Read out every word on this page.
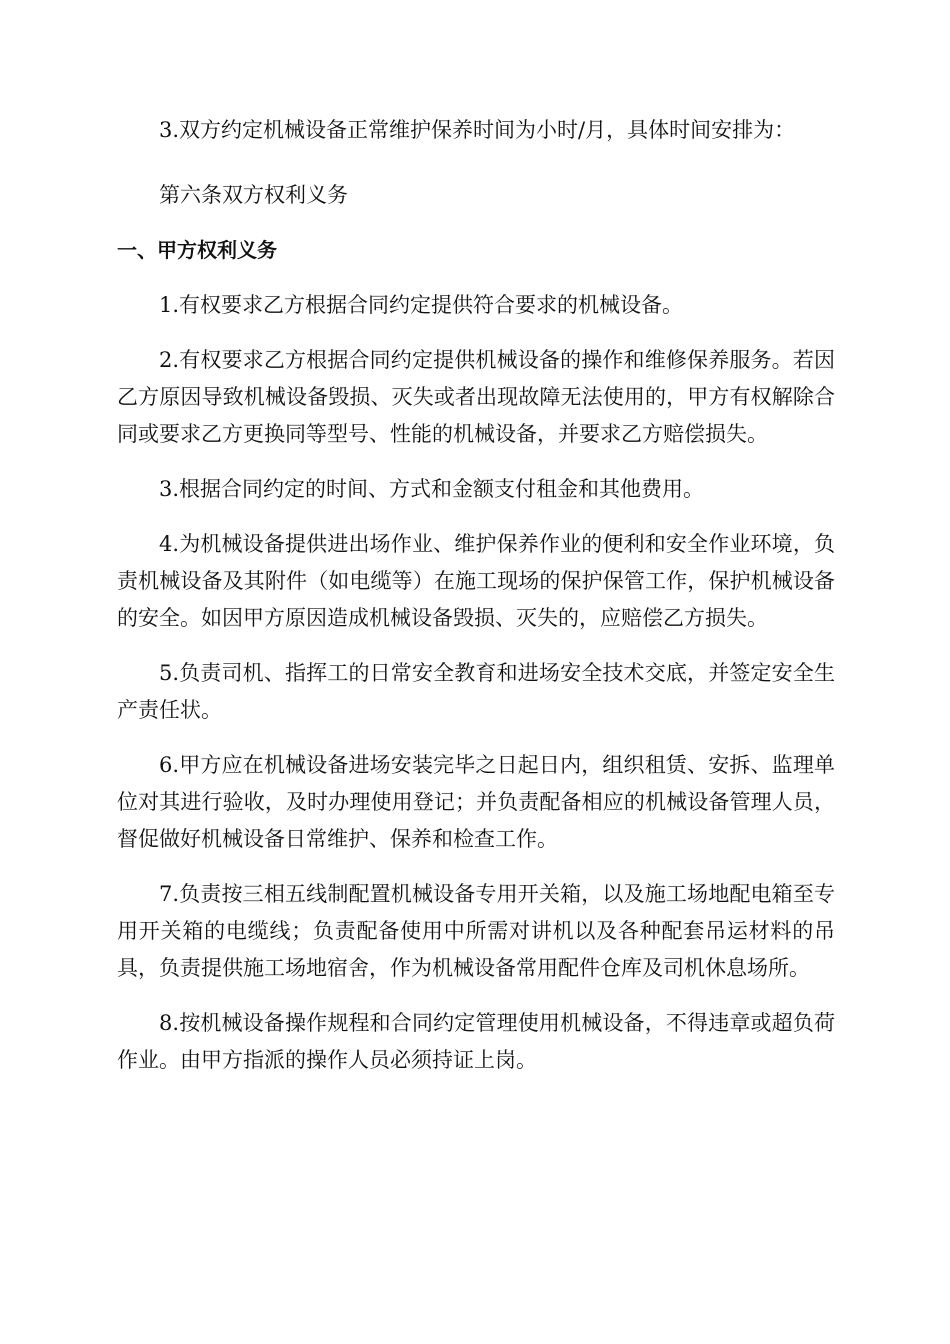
3.双方约定机械设备正常维护保养时间为小时/月，具体时间安排为：

第六条双方权利义务

一、甲方权利义务

1.有权要求乙方根据合同约定提供符合要求的机械设备。

2.有权要求乙方根据合同约定提供机械设备的操作和维修保养服务。若因乙方原因导致机械设备毁损、灭失或者出现故障无法使用的，甲方有权解除合同或要求乙方更换同等型号、性能的机械设备，并要求乙方赔偿损失。

3.根据合同约定的时间、方式和金额支付租金和其他费用。

4.为机械设备提供进出场作业、维护保养作业的便利和安全作业环境，负责机械设备及其附件（如电缆等）在施工现场的保护保管工作，保护机械设备的安全。如因甲方原因造成机械设备毁损、灭失的，应赔偿乙方损失。

5.负责司机、指挥工的日常安全教育和进场安全技术交底，并签定安全生产责任状。

6.甲方应在机械设备进场安装完毕之日起日内，组织租赁、安拆、监理单位对其进行验收，及时办理使用登记；并负责配备相应的机械设备管理人员，督促做好机械设备日常维护、保养和检查工作。

7.负责按三相五线制配置机械设备专用开关箱，以及施工场地配电箱至专用开关箱的电缆线；负责配备使用中所需对讲机以及各种配套吊运材料的吊具，负责提供施工场地宿舍，作为机械设备常用配件仓库及司机休息场所。

8.按机械设备操作规程和合同约定管理使用机械设备，不得违章或超负荷作业。由甲方指派的操作人员必须持证上岗。
